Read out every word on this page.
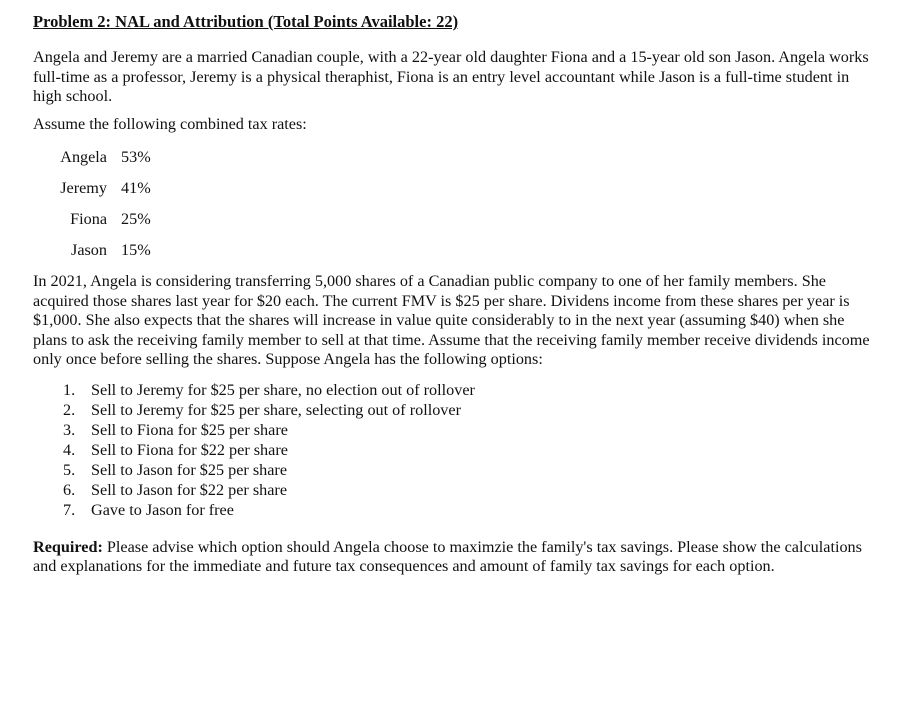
Problem 2: NAL and Attribution (Total Points Available: 22)

Angela and Jeremy are a married Canadian couple, with a 22-year old daughter Fiona and a 15-year old son Jason. Angela works full-time as a professor, Jeremy is a physical theraphist, Fiona is an entry level accountant while Jason is a full-time student in high school.

Assume the following combined tax rates:

Angela 53%
Jeremy 41%
Fiona 25%
Jason 15%

In 2021, Angela is considering transferring 5,000 shares of a Canadian public company to one of her family members. She acquired those shares last year for $20 each. The current FMV is $25 per share. Dividens income from these shares per year is $1,000. She also expects that the shares will increase in value quite considerably to in the next year (assuming $40) when she plans to ask the receiving family member to sell at that time. Assume that the receiving family member receive dividends income only once before selling the shares. Suppose Angela has the following options:

1. Sell to Jeremy for $25 per share, no election out of rollover
2. Sell to Jeremy for $25 per share, selecting out of rollover
3. Sell to Fiona for $25 per share
4. Sell to Fiona for $22 per share
5. Sell to Jason for $25 per share
6. Sell to Jason for $22 per share
7. Gave to Jason for free

Required: Please advise which option should Angela choose to maximzie the family's tax savings. Please show the calculations and explanations for the immediate and future tax consequences and amount of family tax savings for each option.
